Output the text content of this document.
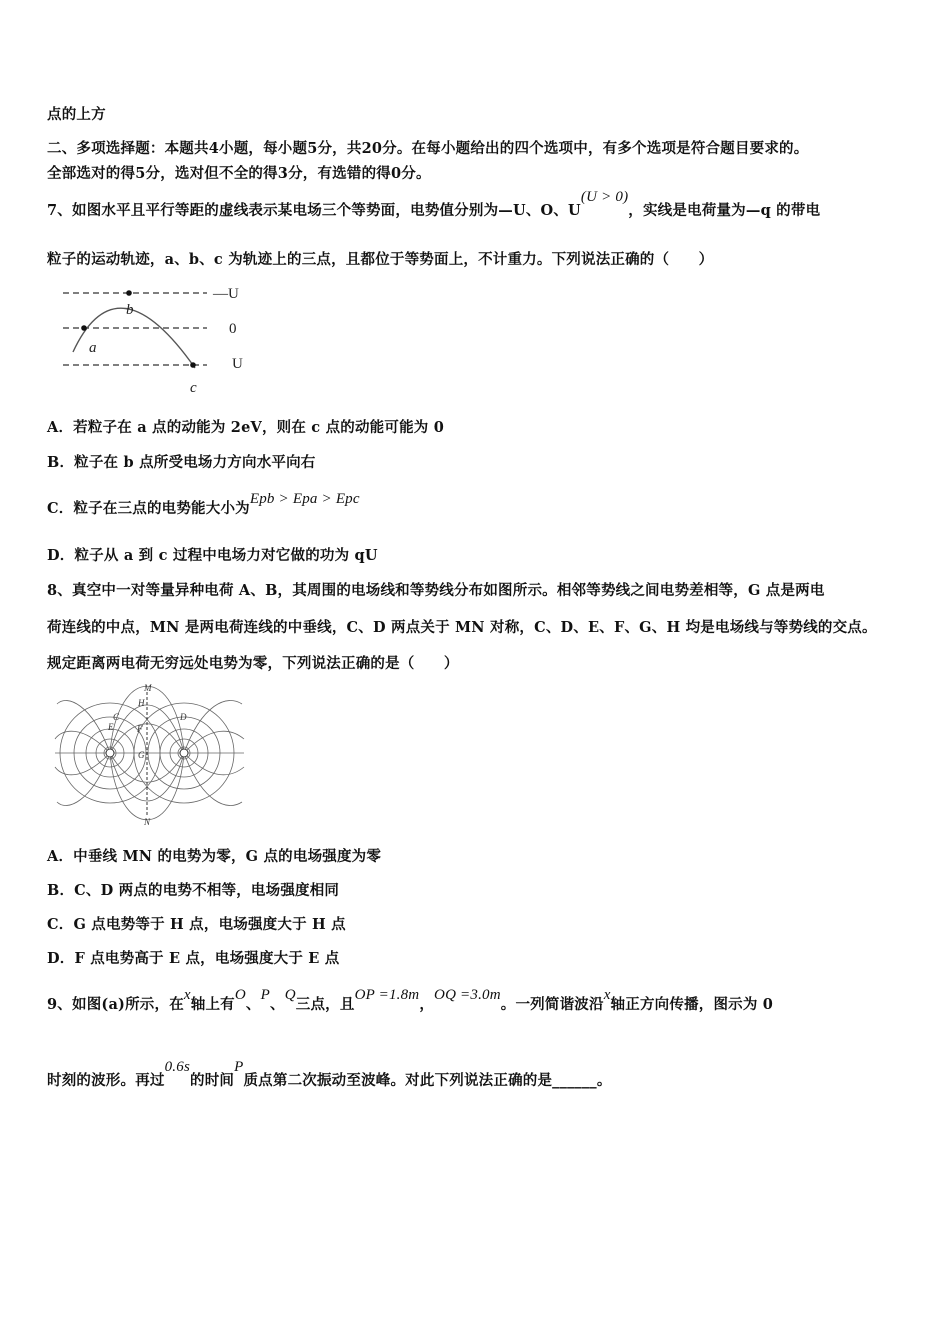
点的上方
二、多项选择题：本题共4小题，每小题5分，共20分。在每小题给出的四个选项中，有多个选项是符合题目要求的。
全部选对的得5分，选对但不全的得3分，有选错的得0分。
7、如图水平且平行等距的虚线表示某电场三个等势面，电势值分别为—U、O、U(U > 0)，实线是电荷量为—q 的带电
粒子的运动轨迹，a、b、c 为轨迹上的三点，且都位于等势面上，不计重力。下列说法正确的（　　）
b
a
c
—U
0
U
A．若粒子在 a 点的动能为 2eV，则在 c 点的动能可能为 0
B．粒子在 b 点所受电场力方向水平向右
C．粒子在三点的电势能大小为Epb > Epa > Epc
D．粒子从 a 到 c 过程中电场力对它做的功为 qU
8、真空中一对等量异种电荷 A、B，其周围的电场线和等势线分布如图所示。相邻等势线之间电势差相等，G 点是两电
荷连线的中点，MN 是两电荷连线的中垂线，C、D 两点关于 MN 对称，C、D、E、F、G、H 均是电场线与等势线的交点。
规定距离两电荷无穷远处电势为零，下列说法正确的是（　　）
M
N
H
C	D
E	F
G
A．中垂线 MN 的电势为零，G 点的电场强度为零
B．C、D 两点的电势不相等，电场强度相同
C．G 点电势等于 H 点，电场强度大于 H 点
D．F 点电势高于 E 点，电场强度大于 E 点
9、如图(a)所示，在x轴上有O、P、Q三点，且OP =1.8m，OQ =3.0m。一列简谐波沿x轴正方向传播，图示为 0
时刻的波形。再过0.6s的时间P质点第二次振动至波峰。对此下列说法正确的是______。
